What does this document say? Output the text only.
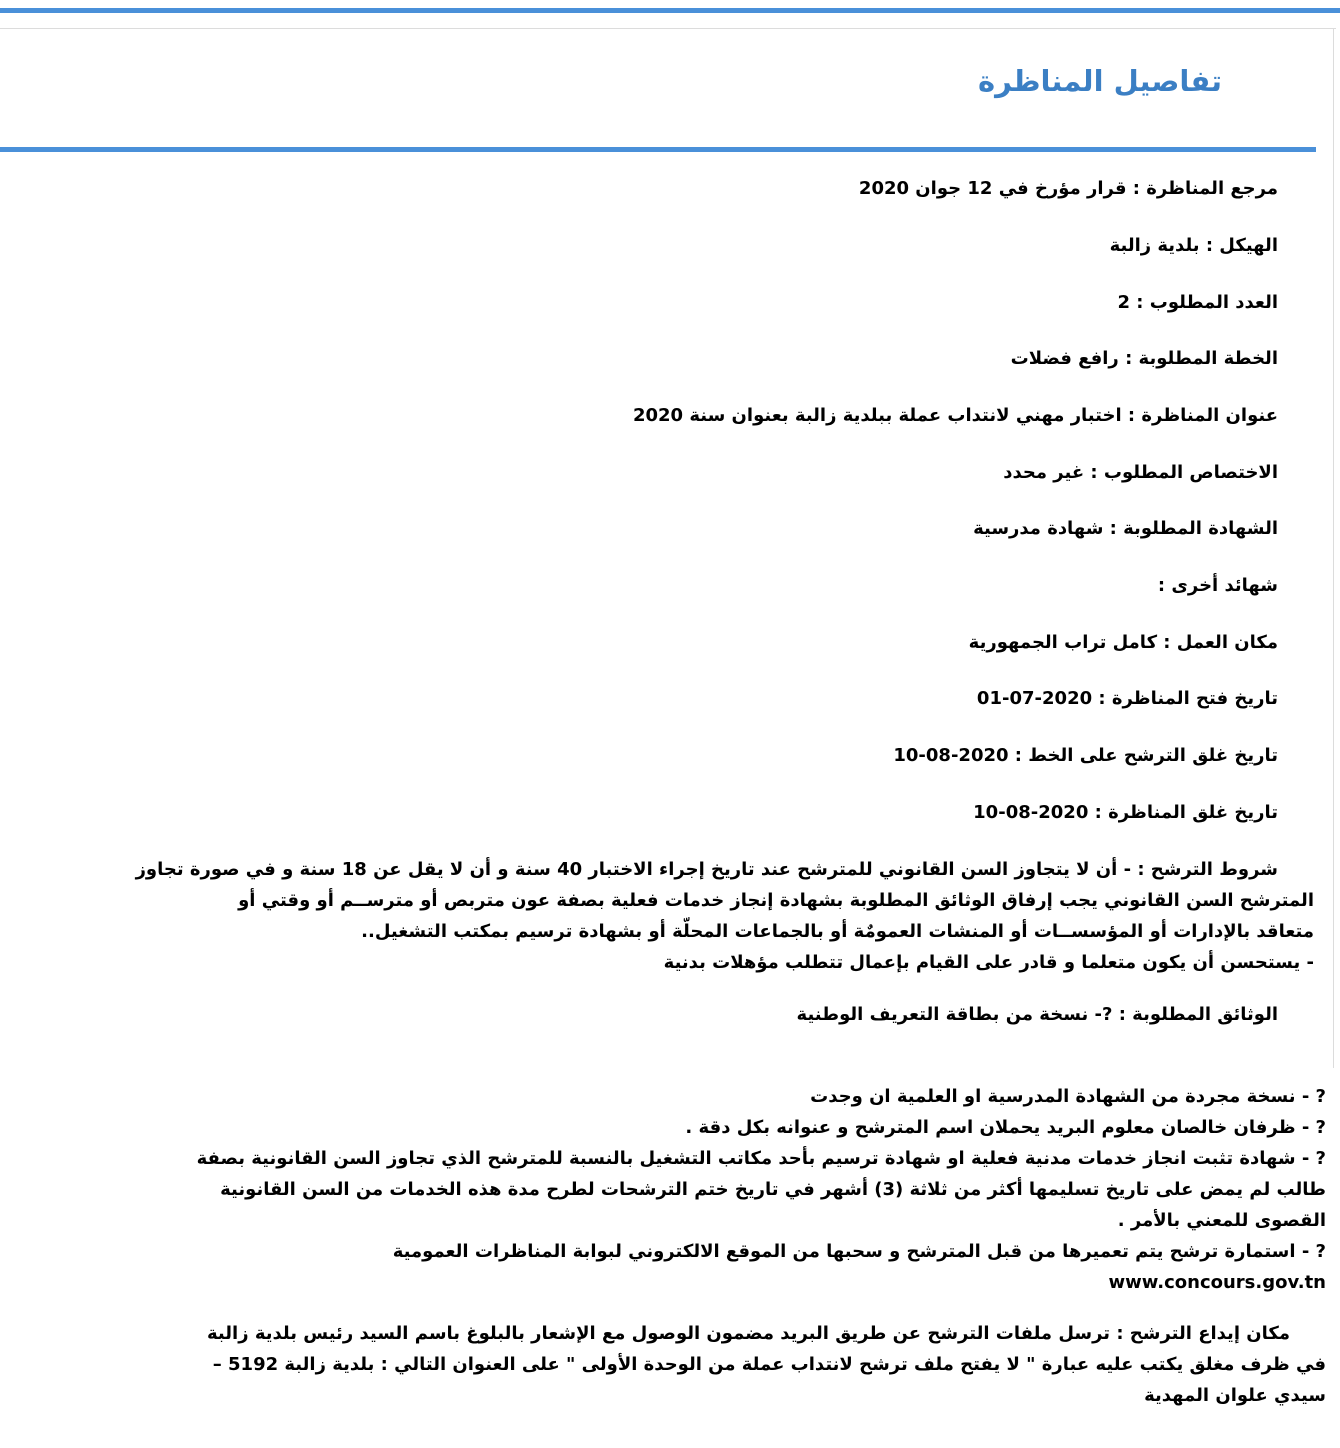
تفاصيل المناظرة

مرجع المناظرة : قرار مؤرخ في 12 جوان 2020

الهيكل : بلدية زالبة

العدد المطلوب : 2

الخطة المطلوبة : رافع فضلات

عنوان المناظرة : اختبار مهني لانتداب عملة ببلدية زالبة بعنوان سنة 2020

الاختصاص المطلوب : غير محدد

الشهادة المطلوبة : شهادة مدرسية

شهائد أخرى :

مكان العمل : كامل تراب الجمهورية

تاريخ فتح المناظرة : 2020-07-01

تاريخ غلق الترشح على الخط : 2020-08-10

تاريخ غلق المناظرة : 2020-08-10

شروط الترشح : - أن لا يتجاوز السن القانوني للمترشح عند تاريخ إجراء الاختبار 40 سنة و أن لا يقل عن 18 سنة و في صورة تجاوز
المترشح السن القانوني يجب إرفاق الوثائق المطلوبة بشهادة إنجاز خدمات فعلية بصفة عون متربص أو مترســم أو وقتي أو
متعاقد بالإدارات أو المؤسســات أو المنشات العمومٌة أو بالجماعات المحلّة أو بشهادة ترسيم بمكتب التشغيل..
- يستحسن أن يكون متعلما و قادر على القيام بإعمال تتطلب مؤهلات بدنية

الوثائق المطلوبة : ?- نسخة من بطاقة التعريف الوطنية

? - نسخة مجردة من الشهادة المدرسية او العلمية ان وجدت
? - ظرفان خالصان معلوم البريد يحملان اسم المترشح و عنوانه بكل دقة .
? - شهادة تثبت انجاز خدمات مدنية فعلية او شهادة ترسيم بأحد مكاتب التشغيل بالنسبة للمترشح الذي تجاوز السن القانونية بصفة
طالب لم يمض على تاريخ تسليمها أكثر من ثلاثة (3) أشهر في تاريخ ختم الترشحات لطرح مدة هذه الخدمات من السن القانونية
القصوى للمعني بالأمر .
? - استمارة ترشح يتم تعميرها من قبل المترشح و سحبها من الموقع الالكتروني لبوابة المناظرات العمومية
www.concours.gov.tn
مكان إيداع الترشح : ترسل ملفات الترشح عن طريق البريد مضمون الوصول مع الإشعار بالبلوغ باسم السيد رئيس بلدية زالبة
في ظرف مغلق يكتب عليه عبارة " لا يفتح ملف ترشح لانتداب عملة من الوحدة الأولى " على العنوان التالي : بلدية زالبة 5192 –
سيدي علوان المهدية
